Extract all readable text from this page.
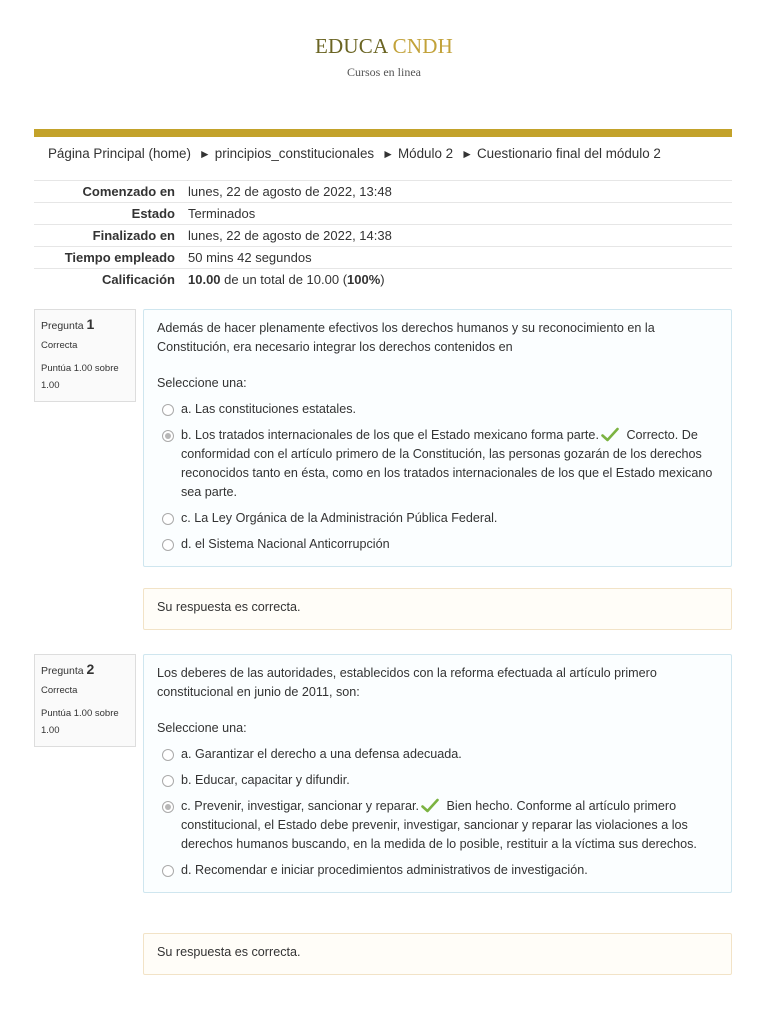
EDUCA CNDH
Cursos en linea
Página Principal (home) ► principios_constitucionales ► Módulo 2 ► Cuestionario final del módulo 2
Comenzado en	lunes, 22 de agosto de 2022, 13:48
Estado	Terminados
Finalizado en	lunes, 22 de agosto de 2022, 14:38
Tiempo empleado	50 mins 42 segundos
Calificación	10.00 de un total de 10.00 (100%)
Pregunta 1
Correcta
Puntúa 1.00 sobre 1.00
Además de hacer plenamente efectivos los derechos humanos y su reconocimiento en la Constitución, era necesario integrar los derechos contenidos en
Seleccione una:
a. Las constituciones estatales.
b. Los tratados internacionales de los que el Estado mexicano forma parte. Correcto. De conformidad con el artículo primero de la Constitución, las personas gozarán de los derechos reconocidos tanto en ésta, como en los tratados internacionales de los que el Estado mexicano sea parte.
c. La Ley Orgánica de la Administración Pública Federal.
d. el Sistema Nacional Anticorrupción
Su respuesta es correcta.
Pregunta 2
Correcta
Puntúa 1.00 sobre 1.00
Los deberes de las autoridades, establecidos con la reforma efectuada al artículo primero constitucional en junio de 2011, son:
Seleccione una:
a. Garantizar el derecho a una defensa adecuada.
b. Educar, capacitar y difundir.
c. Prevenir, investigar, sancionar y reparar. Bien hecho. Conforme al artículo primero constitucional, el Estado debe prevenir, investigar, sancionar y reparar las violaciones a los derechos humanos buscando, en la medida de lo posible, restituir a la víctima sus derechos.
d. Recomendar e iniciar procedimientos administrativos de investigación.
Su respuesta es correcta.
